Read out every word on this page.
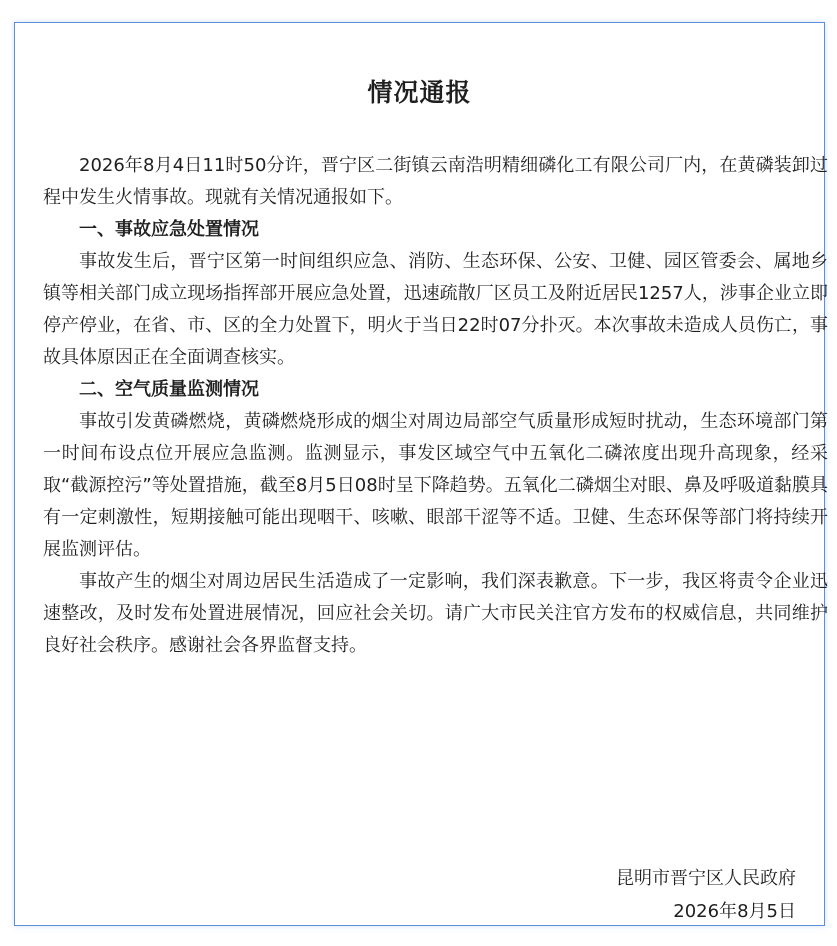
情况通报

2026年8月4日11时50分许，晋宁区二街镇云南浩明精细磷化工有限公司厂内，在黄磷装卸过程中发生火情事故。现就有关情况通报如下。

一、事故应急处置情况

事故发生后，晋宁区第一时间组织应急、消防、生态环保、公安、卫健、园区管委会、属地乡镇等相关部门成立现场指挥部开展应急处置，迅速疏散厂区员工及附近居民1257人，涉事企业立即停产停业，在省、市、区的全力处置下，明火于当日22时07分扑灭。本次事故未造成人员伤亡，事故具体原因正在全面调查核实。

二、空气质量监测情况

事故引发黄磷燃烧，黄磷燃烧形成的烟尘对周边局部空气质量形成短时扰动，生态环境部门第一时间布设点位开展应急监测。监测显示，事发区域空气中五氧化二磷浓度出现升高现象，经采取“截源控污”等处置措施，截至8月5日08时呈下降趋势。五氧化二磷烟尘对眼、鼻及呼吸道黏膜具有一定刺激性，短期接触可能出现咽干、咳嗽、眼部干涩等不适。卫健、生态环保等部门将持续开展监测评估。

事故产生的烟尘对周边居民生活造成了一定影响，我们深表歉意。下一步，我区将责令企业迅速整改，及时发布处置进展情况，回应社会关切。请广大市民关注官方发布的权威信息，共同维护良好社会秩序。感谢社会各界监督支持。

昆明市晋宁区人民政府
2026年8月5日
